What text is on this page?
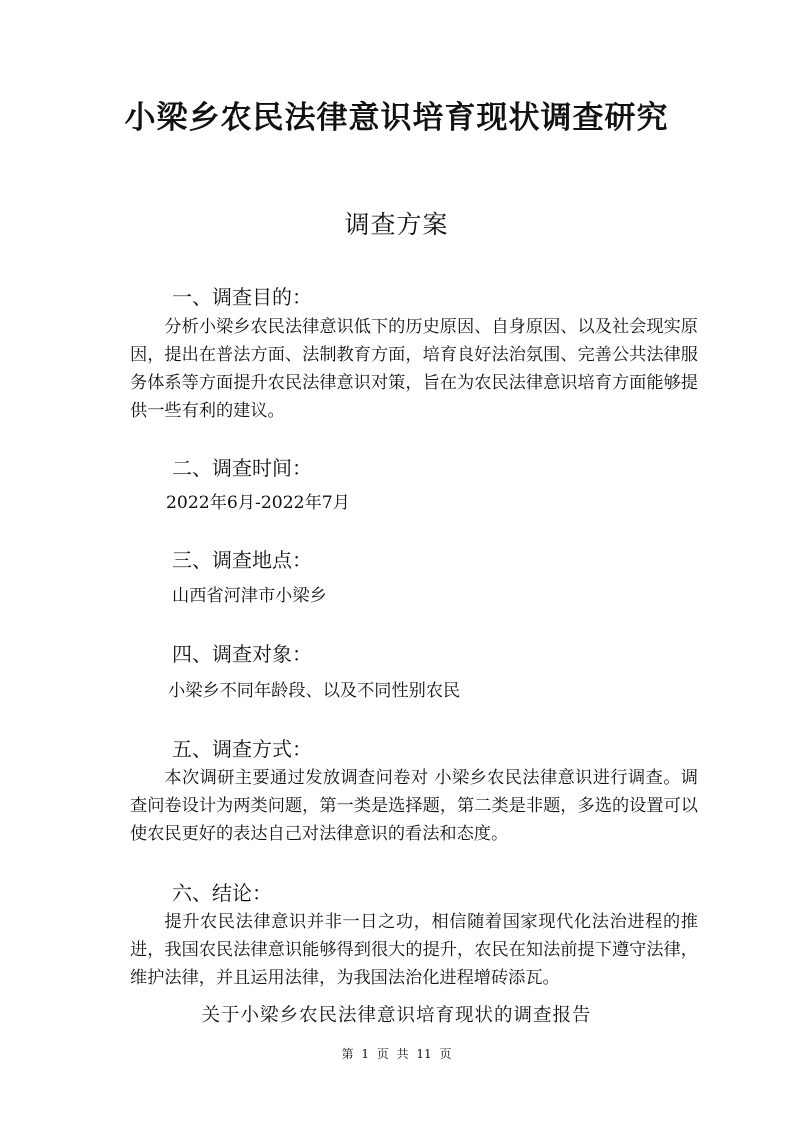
小梁乡农民法律意识培育现状调查研究
调查方案
一、调查目的：
分析小梁乡农民法律意识低下的历史原因、自身原因、以及社会现实原因，提出在普法方面、法制教育方面，培育良好法治氛围、完善公共法律服务体系等方面提升农民法律意识对策，旨在为农民法律意识培育方面能够提供一些有利的建议。
二、调查时间：
2022年6月-2022年7月
三、调查地点：
山西省河津市小梁乡
四、调查对象：
小梁乡不同年龄段、以及不同性别农民
五、调查方式：
本次调研主要通过发放调查问卷对 小梁乡农民法律意识进行调查。调查问卷设计为两类问题，第一类是选择题，第二类是非题，多选的设置可以使农民更好的表达自己对法律意识的看法和态度。
六、结论：
提升农民法律意识并非一日之功，相信随着国家现代化法治进程的推进，我国农民法律意识能够得到很大的提升，农民在知法前提下遵守法律，维护法律，并且运用法律，为我国法治化进程增砖添瓦。
关于小梁乡农民法律意识培育现状的调查报告
第 1 页 共 11 页
